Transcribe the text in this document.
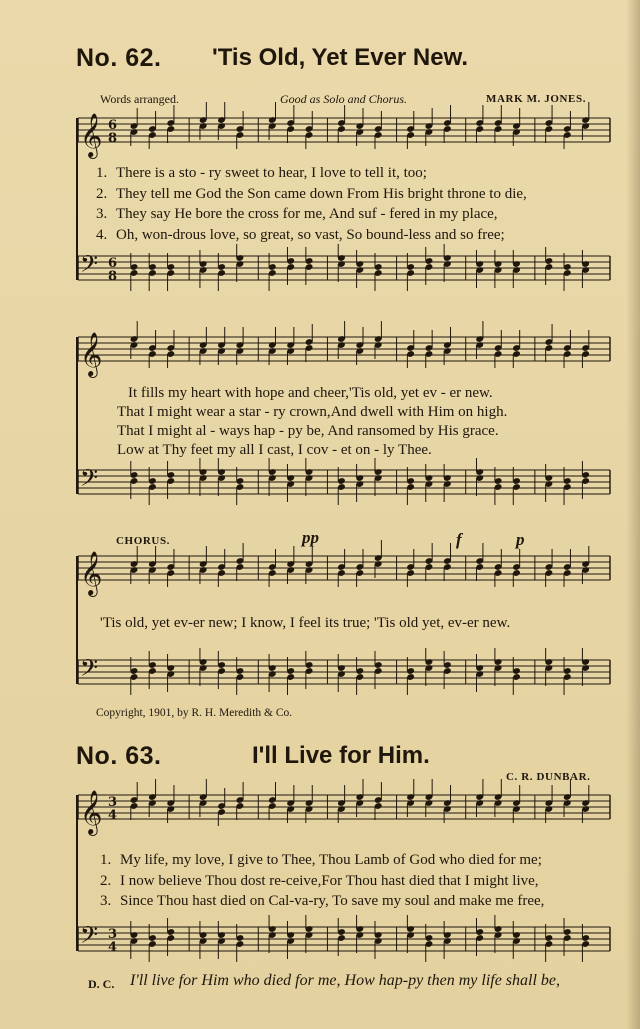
𝄞 6
8
𝄢 6
8
𝄞
𝄢
𝄞
𝄢
𝄞 3
4
𝄢 3
4
No. 62. 'Tis Old, Yet Ever New.
Words arranged.	Good as Solo and Chorus.	MARK M. JONES.
1. There is a sto - ry sweet to hear, I love to tell it, too;
2. They tell me God the Son came down From His bright throne to die,
3. They say He bore the cross for me, And suf - fered in my place,
4. Oh, won-drous love, so great, so vast, So bound-less and so free;
It fills my heart with hope and cheer,'Tis old, yet ev - er new.
That I might wear a star - ry crown,And dwell with Him on high.
That I might al - ways hap - py be, And ransomed by His grace.
Low at Thy feet my all I cast, I cov - et on - ly Thee.
CHORUS.	pp	f	p
'Tis old, yet ev-er new; I know, I feel its true; 'Tis old yet, ev-er new.
Copyright, 1901, by R. H. Meredith & Co.
No. 63.	I'll Live for Him.
C. R. DUNBAR.
1. My life, my love, I give to Thee, Thou Lamb of God who died for me;
2. I now believe Thou dost re-ceive,For Thou hast died that I might live,
3. Since Thou hast died on Cal-va-ry, To save my soul and make me free,
D. C. I'll live for Him who died for me, How hap-py then my life shall be,
